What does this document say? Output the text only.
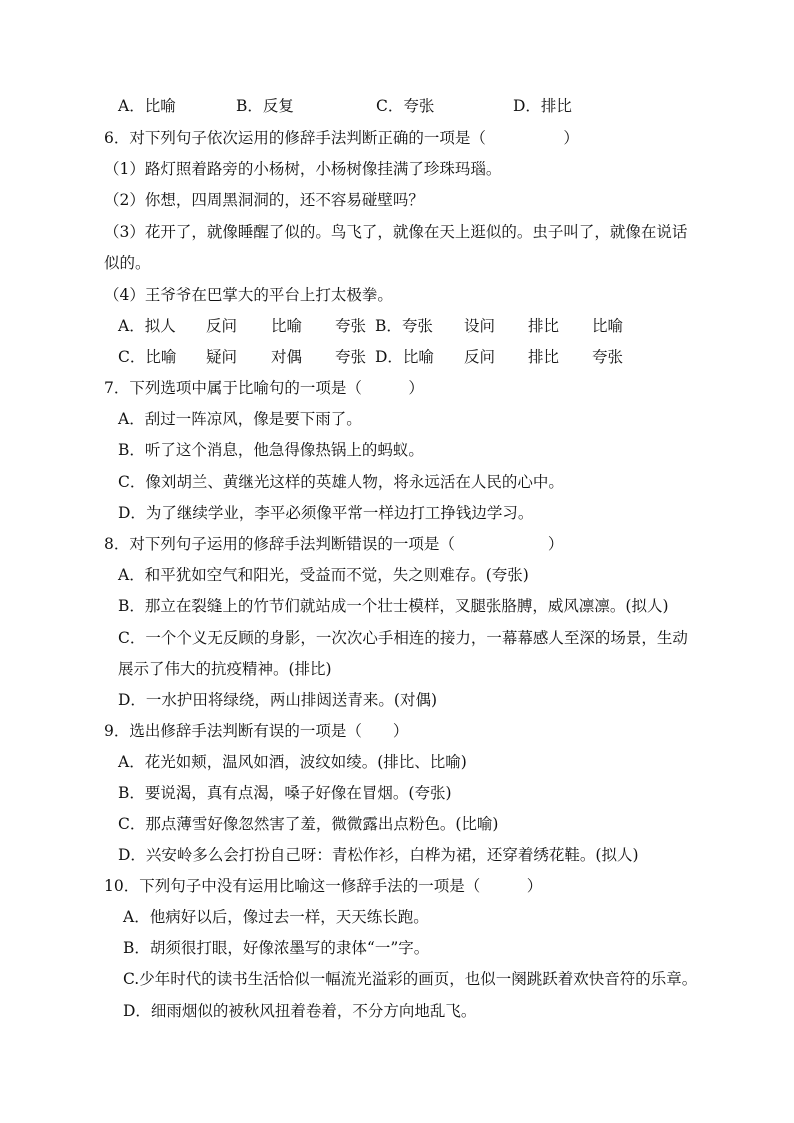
A．比喻	B．反复	C．夸张	D．排比
6．对下列句子依次运用的修辞手法判断正确的一项是（　　　　　）
（1）路灯照着路旁的小杨树，小杨树像挂满了珍珠玛瑙。
（2）你想，四周黑洞洞的，还不容易碰壁吗？
（3）花开了，就像睡醒了似的。鸟飞了，就像在天上逛似的。虫子叫了，就像在说话
似的。
（4）王爷爷在巴掌大的平台上打太极拳。
A．拟人 反问 比喻 夸张 B．夸张 设问 排比 比喻
C．比喻 疑问 对偶 夸张 D．比喻 反问 排比 夸张
7．下列选项中属于比喻句的一项是（　　　）
A．刮过一阵凉风，像是要下雨了。
B．听了这个消息，他急得像热锅上的蚂蚁。
C．像刘胡兰、黄继光这样的英雄人物，将永远活在人民的心中。
D．为了继续学业，李平必须像平常一样边打工挣钱边学习。
8．对下列句子运用的修辞手法判断错误的一项是（　　　　　　）
A．和平犹如空气和阳光，受益而不觉，失之则难存。(夸张)
B．那立在裂缝上的竹节们就站成一个壮士模样，叉腿张胳膊，威风凛凛。(拟人)
C．一个个义无反顾的身影，一次次心手相连的接力，一幕幕感人至深的场景，生动
展示了伟大的抗疫精神。(排比)
D．一水护田将绿绕，两山排闼送青来。(对偶)
9．选出修辞手法判断有误的一项是（　　）
A．花光如颊，温风如酒，波纹如绫。(排比、比喻)
B．要说渴，真有点渴，嗓子好像在冒烟。(夸张)
C．那点薄雪好像忽然害了羞，微微露出点粉色。(比喻)
D．兴安岭多么会打扮自己呀：青松作衫，白桦为裙，还穿着绣花鞋。(拟人)
10．下列句子中没有运用比喻这一修辞手法的一项是（　　　）
A．他病好以后，像过去一样，天天练长跑。
B．胡须很打眼，好像浓墨写的隶体“一”字。
C.少年时代的读书生活恰似一幅流光溢彩的画页，也似一阕跳跃着欢快音符的乐章。
D．细雨烟似的被秋风扭着卷着，不分方向地乱飞。
